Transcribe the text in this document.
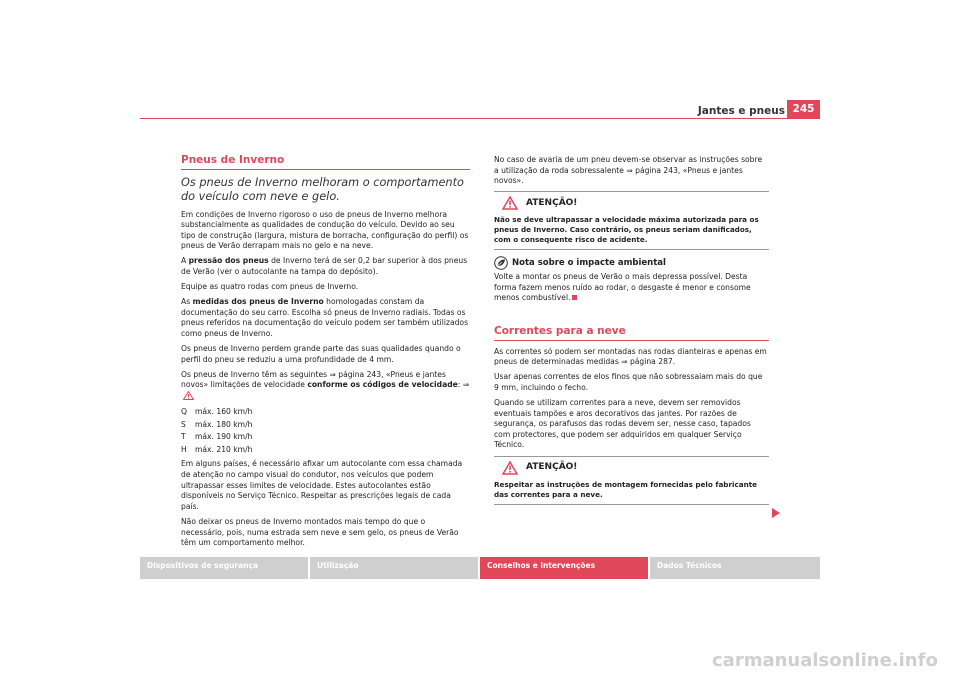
Jantes e pneus 245
Pneus de Inverno
Os pneus de Inverno melhoram o comportamento do veículo com neve e gelo.

Em condições de Inverno rigoroso o uso de pneus de Inverno melhora substancialmente as qualidades de condução do veículo. Devido ao seu tipo de construção (largura, mistura de borracha, configuração do perfil) os pneus de Verão derrapam mais no gelo e na neve.

A pressão dos pneus de Inverno terá de ser 0,2 bar superior à dos pneus de Verão (ver o autocolante na tampa do depósito).

Equipe as quatro rodas com pneus de Inverno.

As medidas dos pneus de Inverno homologadas constam da documentação do seu carro. Escolha só pneus de Inverno radiais. Todas os pneus referidos na documentação do veículo podem ser também utilizados como pneus de Inverno.

Os pneus de Inverno perdem grande parte das suas qualidades quando o perfil do pneu se reduziu a uma profundidade de 4 mm.

Os pneus de Inverno têm as seguintes ⇒ página 243, «Pneus e jantes novos» limitações de velocidade conforme os códigos de velocidade: ⇒

Q	máx. 160 km/h
S	máx. 180 km/h
T	máx. 190 km/h
H	máx. 210 km/h

Em alguns países, é necessário afixar um autocolante com essa chamada de atenção no campo visual do condutor, nos veículos que podem ultrapassar esses limites de velocidade. Estes autocolantes estão disponíveis no Serviço Técnico. Respeitar as prescrições legais de cada país.

Não deixar os pneus de Inverno montados mais tempo do que o necessário, pois, numa estrada sem neve e sem gelo, os pneus de Verão têm um comportamento melhor.

No caso de avaria de um pneu devem-se observar as instruções sobre a utilização da roda sobressalente ⇒ página 243, «Pneus e jantes novos».

ATENÇÃO!
Não se deve ultrapassar a velocidade máxima autorizada para os pneus de Inverno. Caso contrário, os pneus seriam danificados, com o consequente risco de acidente.
Nota sobre o impacte ambiental

Volte a montar os pneus de Verão o mais depressa possível. Desta forma fazem menos ruído ao rodar, o desgaste é menor e consome menos combustível.

Correntes para a neve

As correntes só podem ser montadas nas rodas dianteiras e apenas em pneus de determinadas medidas ⇒ página 287.

Usar apenas correntes de elos finos que não sobressaiam mais do que 9 mm, incluindo o fecho.

Quando se utilizam correntes para a neve, devem ser removidos eventuais tampões e aros decorativos das jantes. Por razões de segurança, os parafusos das rodas devem ser, nesse caso, tapados com protectores, que podem ser adquiridos em qualquer Serviço Técnico.

ATENÇÃO!
Respeitar as instruções de montagem fornecidas pelo fabricante das correntes para a neve.
Dispositivos de segurança	Utilização	Conselhos e intervenções	Dados Técnicos
carmanualsonline.info
